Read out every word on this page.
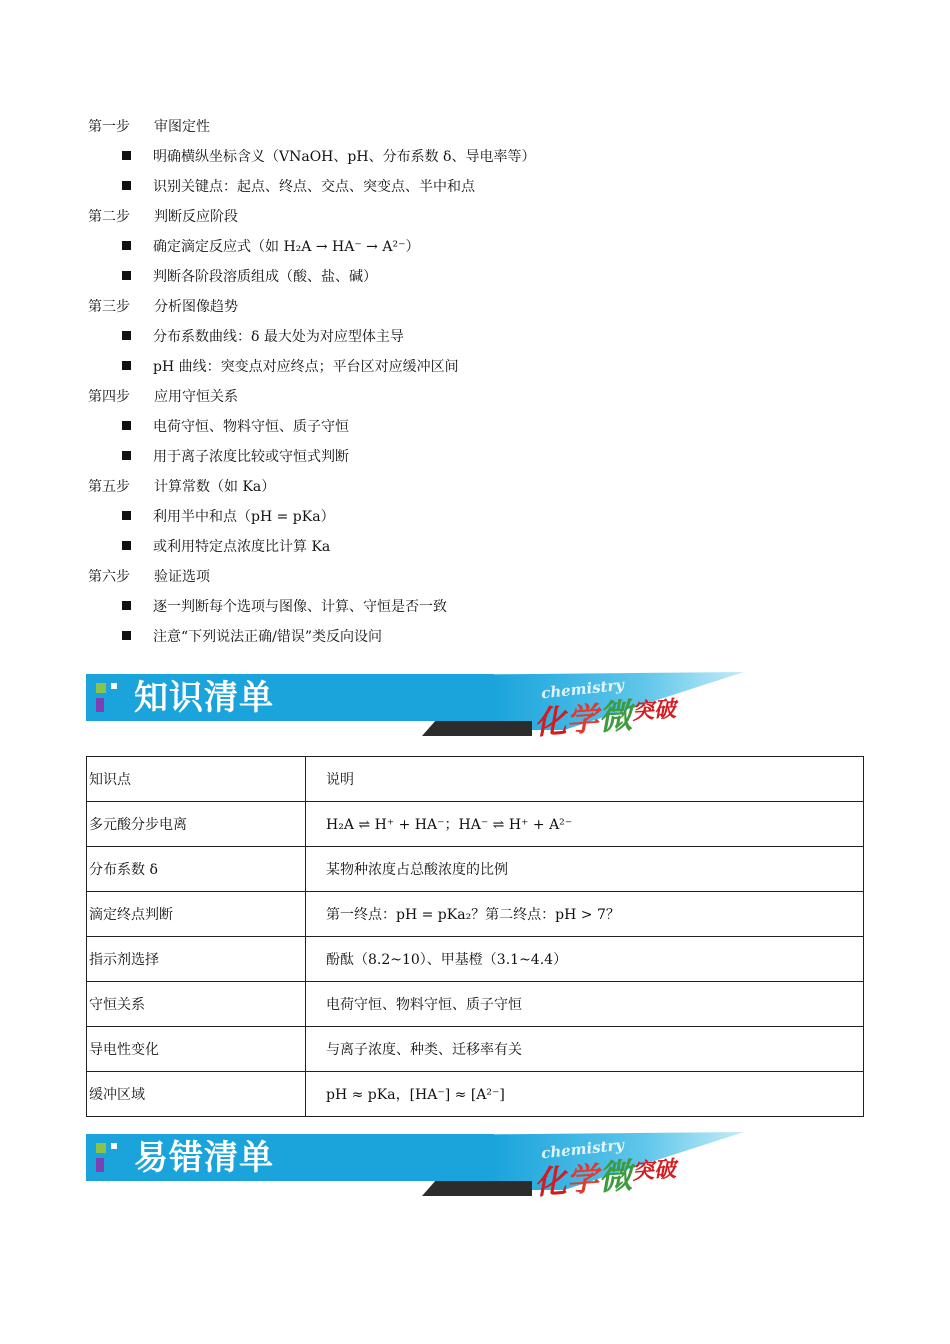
第一步 审图定性
明确横纵坐标含义（VNaOH、pH、分布系数 δ、导电率等）
识别关键点：起点、终点、交点、突变点、半中和点
第二步 判断反应阶段
确定滴定反应式（如 H₂A → HA⁻ → A²⁻）
判断各阶段溶质组成（酸、盐、碱）
第三步 分析图像趋势
分布系数曲线：δ 最大处为对应型体主导
pH 曲线：突变点对应终点；平台区对应缓冲区间
第四步 应用守恒关系
电荷守恒、物料守恒、质子守恒
用于离子浓度比较或守恒式判断
第五步 计算常数（如 Ka）
利用半中和点（pH = pKa）
或利用特定点浓度比计算 Ka
第六步 验证选项
逐一判断每个选项与图像、计算、守恒是否一致
注意“下列说法正确/错误”类反向设问
知识清单	chemistry
化学微突破
知识点	说明
多元酸分步电离	H₂A ⇌ H⁺ + HA⁻；HA⁻ ⇌ H⁺ + A²⁻
分布系数 δ	某物种浓度占总酸浓度的比例
滴定终点判断	第一终点：pH = pKa₂？第二终点：pH > 7？
指示剂选择	酚酞（8.2~10）、甲基橙（3.1~4.4）
守恒关系	电荷守恒、物料守恒、质子守恒
导电性变化	与离子浓度、种类、迁移率有关
缓冲区域	pH ≈ pKa，[HA⁻] ≈ [A²⁻]
易错清单	chemistry
化学微突破
